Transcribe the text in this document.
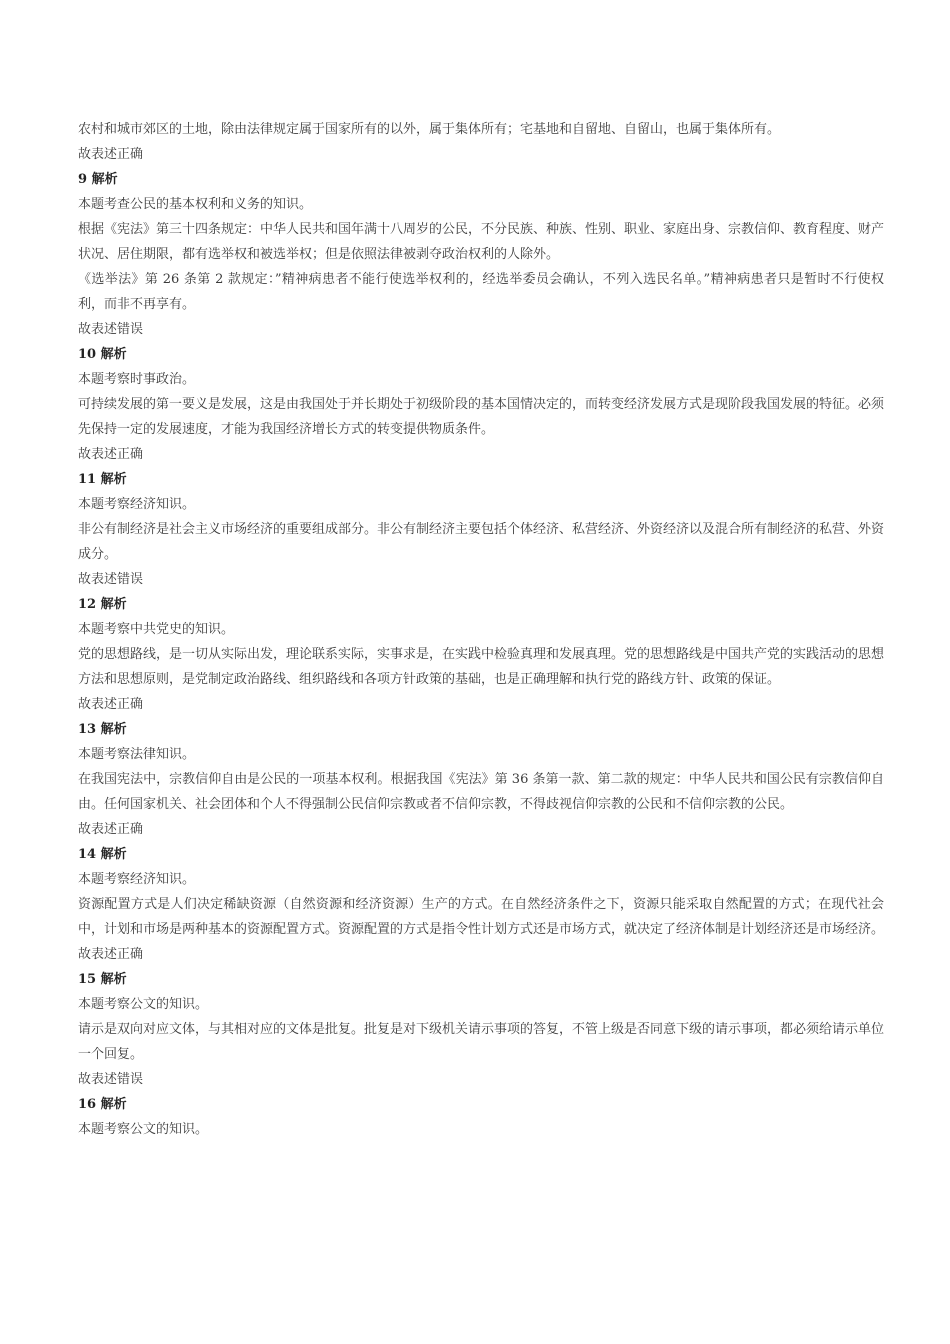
农村和城市郊区的土地，除由法律规定属于国家所有的以外，属于集体所有；宅基地和自留地、自留山，也属于集体所有。

故表述正确

9 解析

本题考查公民的基本权利和义务的知识。

根据《宪法》第三十四条规定：中华人民共和国年满十八周岁的公民，不分民族、种族、性别、职业、家庭出身、宗教信仰、教育程度、财产状况、居住期限，都有选举权和被选举权；但是依照法律被剥夺政治权利的人除外。

《选举法》第 26 条第 2 款规定：”精神病患者不能行使选举权利的，经选举委员会确认，不列入选民名单。”精神病患者只是暂时不行使权利，而非不再享有。

故表述错误

10 解析

本题考察时事政治。

可持续发展的第一要义是发展，这是由我国处于并长期处于初级阶段的基本国情决定的，而转变经济发展方式是现阶段我国发展的特征。必须先保持一定的发展速度，才能为我国经济增长方式的转变提供物质条件。

故表述正确

11 解析

本题考察经济知识。

非公有制经济是社会主义市场经济的重要组成部分。非公有制经济主要包括个体经济、私营经济、外资经济以及混合所有制经济的私营、外资成分。

故表述错误

12 解析

本题考察中共党史的知识。

党的思想路线，是一切从实际出发，理论联系实际，实事求是，在实践中检验真理和发展真理。党的思想路线是中国共产党的实践活动的思想方法和思想原则，是党制定政治路线、组织路线和各项方针政策的基础，也是正确理解和执行党的路线方针、政策的保证。

故表述正确

13 解析

本题考察法律知识。

在我国宪法中，宗教信仰自由是公民的一项基本权利。根据我国《宪法》第 36 条第一款、第二款的规定：中华人民共和国公民有宗教信仰自由。任何国家机关、社会团体和个人不得强制公民信仰宗教或者不信仰宗教，不得歧视信仰宗教的公民和不信仰宗教的公民。

故表述正确

14 解析

本题考察经济知识。

资源配置方式是人们决定稀缺资源（自然资源和经济资源）生产的方式。在自然经济条件之下，资源只能采取自然配置的方式；在现代社会中，计划和市场是两种基本的资源配置方式。资源配置的方式是指令性计划方式还是市场方式，就决定了经济体制是计划经济还是市场经济。

故表述正确

15 解析

本题考察公文的知识。

请示是双向对应文体，与其相对应的文体是批复。批复是对下级机关请示事项的答复，不管上级是否同意下级的请示事项，都必须给请示单位一个回复。

故表述错误

16 解析

本题考察公文的知识。
